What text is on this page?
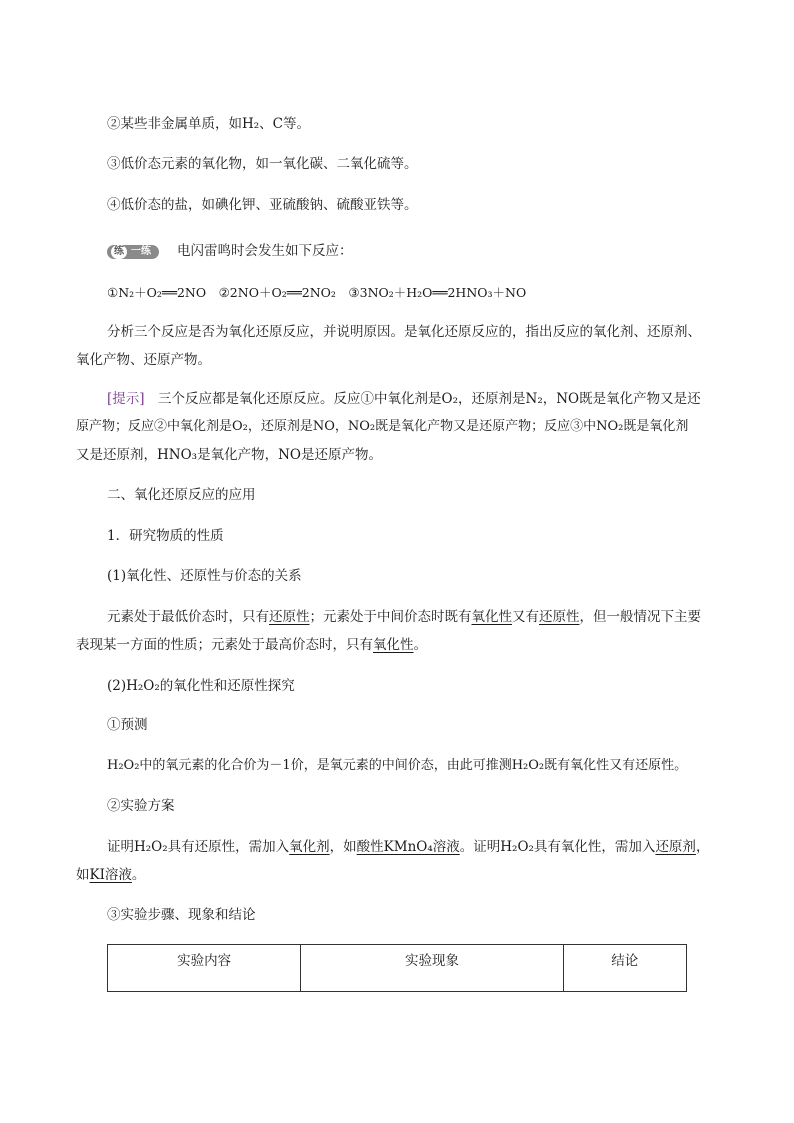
②某些非金属单质，如H₂、C等。
③低价态元素的氧化物，如一氧化碳、二氧化硫等。
④低价态的盐，如碘化钾、亚硫酸钠、硫酸亚铁等。
练 一练 电闪雷鸣时会发生如下反应：
①N₂＋O₂══2NO　②2NO＋O₂══2NO₂　③3NO₂＋H₂O══2HNO₃＋NO
分析三个反应是否为氧化还原反应，并说明原因。是氧化还原反应的，指出反应的氧化剂、还原剂、
氧化产物、还原产物。
[提示]　三个反应都是氧化还原反应。反应①中氧化剂是O₂，还原剂是N₂，NO既是氧化产物又是还
原产物；反应②中氧化剂是O₂，还原剂是NO，NO₂既是氧化产物又是还原产物；反应③中NO₂既是氧化剂
又是还原剂，HNO₃是氧化产物，NO是还原产物。
二、氧化还原反应的应用
1．研究物质的性质
(1)氧化性、还原性与价态的关系
元素处于最低价态时，只有还原性；元素处于中间价态时既有氧化性又有还原性，但一般情况下主要
表现某一方面的性质；元素处于最高价态时，只有氧化性。
(2)H₂O₂的氧化性和还原性探究
①预测
H₂O₂中的氧元素的化合价为－1价，是氧元素的中间价态，由此可推测H₂O₂既有氧化性又有还原性。
②实验方案
证明H₂O₂具有还原性，需加入氧化剂，如酸性KMnO₄溶液。证明H₂O₂具有氧化性，需加入还原剂，
如KI溶液。
③实验步骤、现象和结论
实验内容	实验现象	结论
